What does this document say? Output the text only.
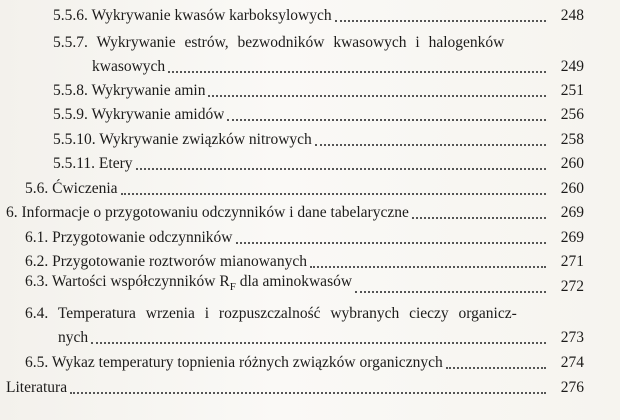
5.5.6. Wykrywanie kwasów karboksylowych	248
5.5.7. Wykrywanie estrów, bezwodników kwasowych i halogenków
kwasowych	249
5.5.8. Wykrywanie amin	251
5.5.9. Wykrywanie amidów	256
5.5.10. Wykrywanie związków nitrowych	258
5.5.11. Etery	260
5.6. Ćwiczenia	260
6. Informacje o przygotowaniu odczynników i dane tabelaryczne	269
6.1. Przygotowanie odczynników	269
6.2. Przygotowanie roztworów mianowanych	271
6.3. Wartości współczynników $R_F$ dla aminokwasów	272
6.4. Temperatura wrzenia i rozpuszczalność wybranych cieczy organicz-
nych	273
6.5. Wykaz temperatury topnienia różnych związków organicznych	274
Literatura	276
